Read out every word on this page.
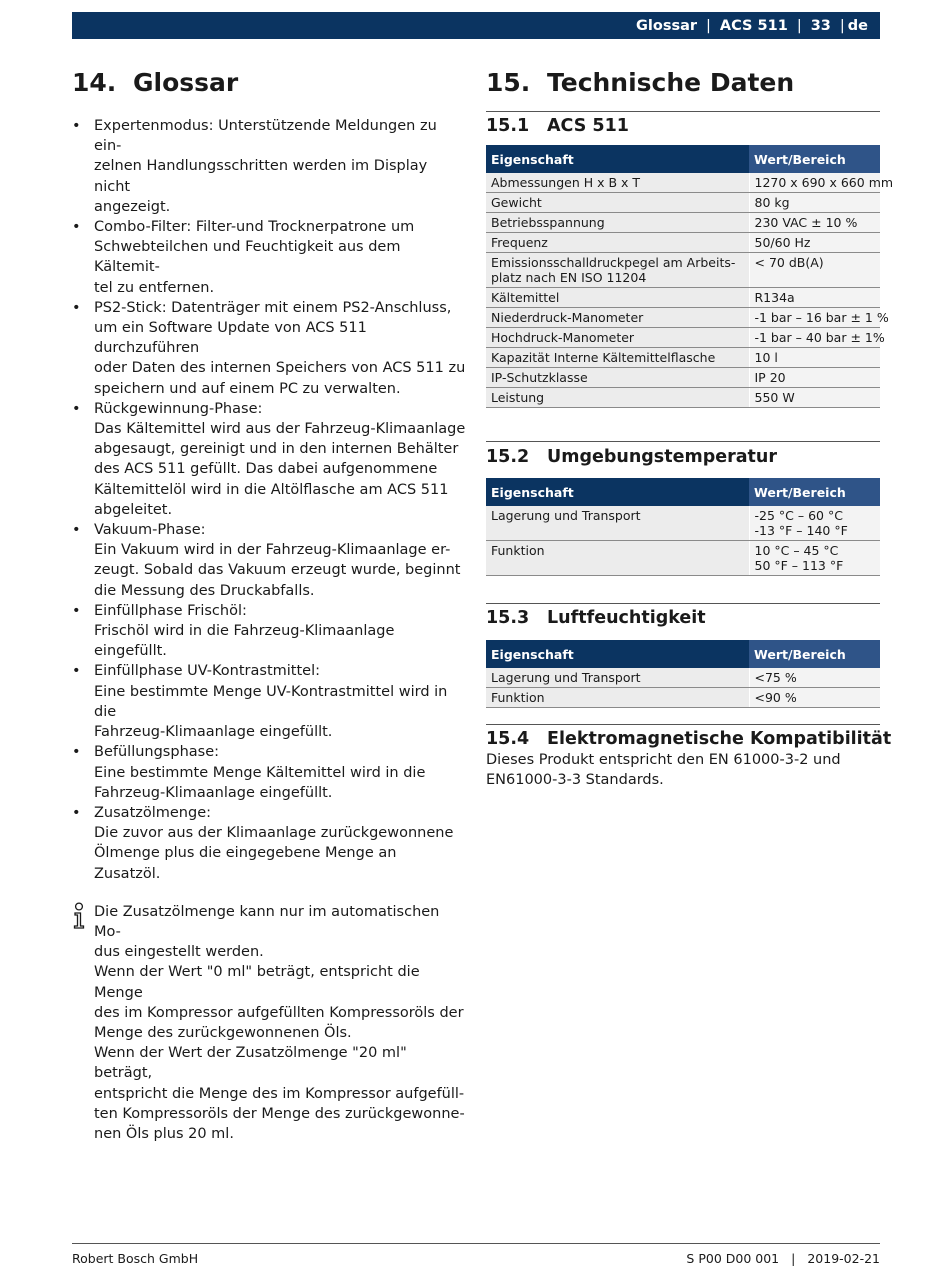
Glossar | ACS 511 | 33 | de
14. Glossar
• Expertenmodus: Unterstützende Meldungen zu ein-
zelnen Handlungsschritten werden im Display nicht
angezeigt.
• Combo-Filter: Filter-und Trocknerpatrone um
Schwebteilchen und Feuchtigkeit aus dem Kältemit-
tel zu entfernen.
• PS2-Stick: Datenträger mit einem PS2-Anschluss,
um ein Software Update von ACS 511 durchzuführen
oder Daten des internen Speichers von ACS 511 zu
speichern und auf einem PC zu verwalten.
• Rückgewinnung-Phase:
Das Kältemittel wird aus der Fahrzeug-Klimaanlage
abgesaugt, gereinigt und in den internen Behälter
des ACS 511 gefüllt. Das dabei aufgenommene
Kältemittelöl wird in die Altölflasche am ACS 511
abgeleitet.
• Vakuum-Phase:
Ein Vakuum wird in der Fahrzeug-Klimaanlage er-
zeugt. Sobald das Vakuum erzeugt wurde, beginnt
die Messung des Druckabfalls.
• Einfüllphase Frischöl:
Frischöl wird in die Fahrzeug-Klimaanlage eingefüllt.
• Einfüllphase UV-Kontrastmittel:
Eine bestimmte Menge UV-Kontrastmittel wird in die
Fahrzeug-Klimaanlage eingefüllt.
• Befüllungsphase:
Eine bestimmte Menge Kältemittel wird in die
Fahrzeug-Klimaanlage eingefüllt.
• Zusatzölmenge:
Die zuvor aus der Klimaanlage zurückgewonnene
Ölmenge plus die eingegebene Menge an Zusatzöl.

Die Zusatzölmenge kann nur im automatischen Mo-

dus eingestellt werden.

Wenn der Wert "0 ml" beträgt, entspricht die Menge

des im Kompressor aufgefüllten Kompressoröls der

Menge des zurückgewonnenen Öls.

Wenn der Wert der Zusatzölmenge "20 ml" beträgt,

entspricht die Menge des im Kompressor aufgefüll-

ten Kompressoröls der Menge des zurückgewonne-

nen Öls plus 20 ml.

15. Technische Daten
15.1 ACS 511
Eigenschaft	Wert/Bereich

Abmessungen H x B x T	1270 x 690 x 660 mm

Gewicht	80 kg

Betriebsspannung	230 VAC ± 10 %

Frequenz	50/60 Hz

Emissionsschalldruckpegel am Arbeits-
platz nach EN ISO 11204	< 70 dB(A)

Kältemittel	R134a

Niederdruck-Manometer	-1 bar – 16 bar ± 1 %

Hochdruck-Manometer	-1 bar – 40 bar ± 1%

Kapazität Interne Kältemittelflasche	10 l

IP-Schutzklasse	IP 20

Leistung	550 W
15.2 Umgebungstemperatur
Eigenschaft	Wert/Bereich

Lagerung und Transport	-25 °C – 60 °C
-13 °F – 140 °F

Funktion	10 °C – 45 °C
50 °F – 113 °F
15.3 Luftfeuchtigkeit
Eigenschaft	Wert/Bereich

Lagerung und Transport	<75 %

Funktion	<90 %
15.4 Elektromagnetische Kompatibilität

Dieses Produkt entspricht den EN 61000-3-2 und
EN61000-3-3 Standards.

Robert Bosch GmbH	S P00 D00 001 | 2019-02-21
